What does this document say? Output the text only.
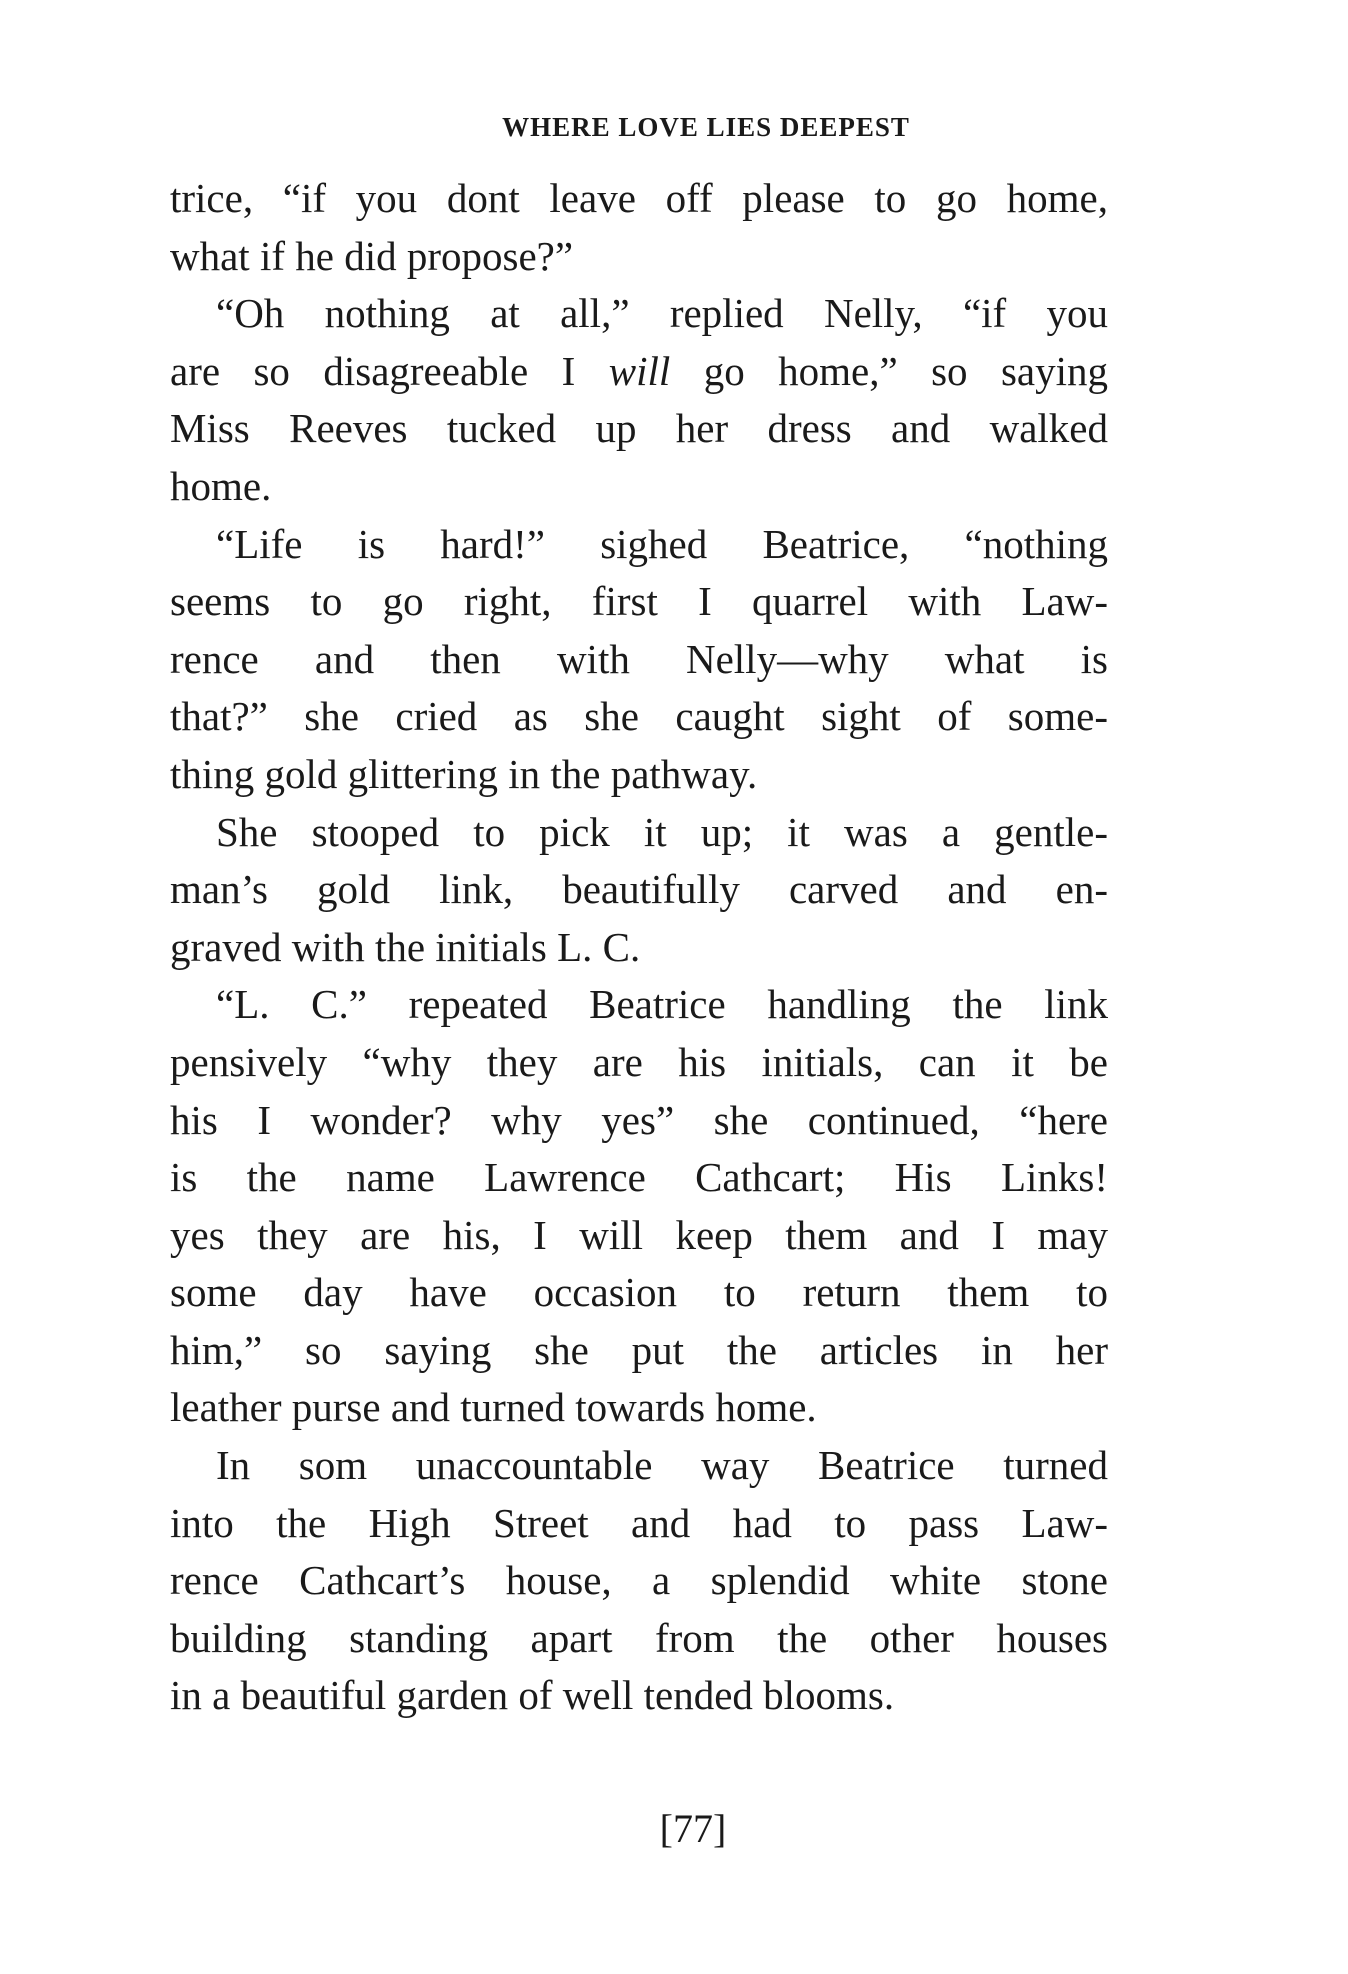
WHERE LOVE LIES DEEPEST
trice, “if you dont leave off please to go home,
what if he did propose?”
“Oh nothing at all,” replied Nelly, “if you
are so disagreeable I will go home,” so saying
Miss Reeves tucked up her dress and walked
home.
“Life is hard!” sighed Beatrice, “nothing
seems to go right, first I quarrel with Law-
rence and then with Nelly—why what is
that?” she cried as she caught sight of some-
thing gold glittering in the pathway.
She stooped to pick it up; it was a gentle-
man’s gold link, beautifully carved and en-
graved with the initials L. C.
“L. C.” repeated Beatrice handling the link
pensively “why they are his initials, can it be
his I wonder? why yes” she continued, “here
is the name Lawrence Cathcart; His Links!
yes they are his, I will keep them and I may
some day have occasion to return them to
him,” so saying she put the articles in her
leather purse and turned towards home.
In som unaccountable way Beatrice turned
into the High Street and had to pass Law-
rence Cathcart’s house, a splendid white stone
building standing apart from the other houses
in a beautiful garden of well tended blooms.
[77]
